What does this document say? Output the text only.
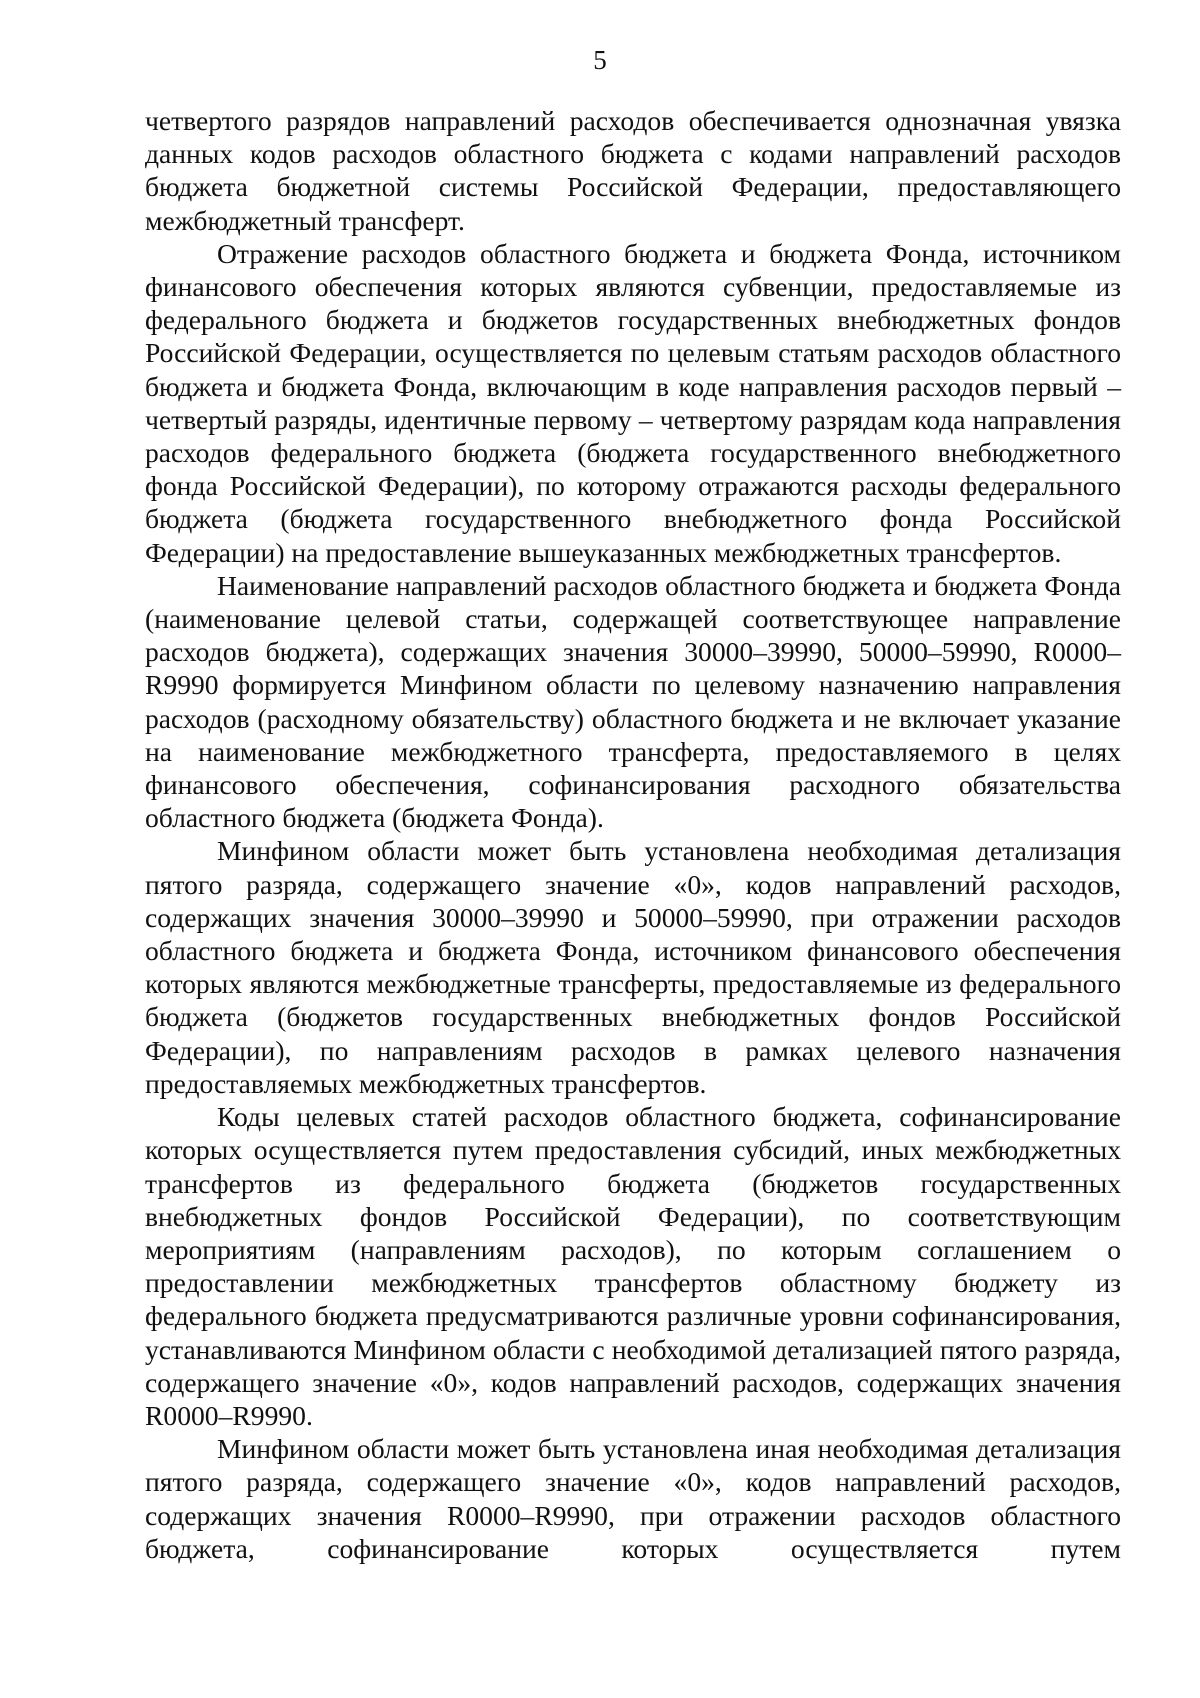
5

четвертого разрядов направлений расходов обеспечивается однозначная увязка данных кодов расходов областного бюджета с кодами направлений расходов бюджета бюджетной системы Российской Федерации, предоставляющего межбюджетный трансферт.

Отражение расходов областного бюджета и бюджета Фонда, источником финансового обеспечения которых являются субвенции, предоставляемые из федерального бюджета и бюджетов государственных внебюджетных фондов Российской Федерации, осуществляется по целевым статьям расходов областного бюджета и бюджета Фонда, включающим в коде направления расходов первый – четвертый разряды, идентичные первому – четвертому разрядам кода направления расходов федерального бюджета (бюджета государственного внебюджетного фонда Российской Федерации), по которому отражаются расходы федерального бюджета (бюджета государственного внебюджетного фонда Российской Федерации) на предоставление вышеуказанных межбюджетных трансфертов.

Наименование направлений расходов областного бюджета и бюджета Фонда (наименование целевой статьи, содержащей соответствующее направление расходов бюджета), содержащих значения 30000–39990, 50000–59990, R0000–R9990 формируется Минфином области по целевому назначению направления расходов (расходному обязательству) областного бюджета и не включает указание на наименование межбюджетного трансферта, предоставляемого в целях финансового обеспечения, софинансирования расходного обязательства областного бюджета (бюджета Фонда).

Минфином области может быть установлена необходимая детализация пятого разряда, содержащего значение «0», кодов направлений расходов, содержащих значения 30000–39990 и 50000–59990, при отражении расходов областного бюджета и бюджета Фонда, источником финансового обеспечения которых являются межбюджетные трансферты, предоставляемые из федерального бюджета (бюджетов государственных внебюджетных фондов Российской Федерации), по направлениям расходов в рамках целевого назначения предоставляемых межбюджетных трансфертов.

Коды целевых статей расходов областного бюджета, софинансирование которых осуществляется путем предоставления субсидий, иных межбюджетных трансфертов из федерального бюджета (бюджетов государственных внебюджетных фондов Российской Федерации), по соответствующим мероприятиям (направлениям расходов), по которым соглашением о предоставлении межбюджетных трансфертов областному бюджету из федерального бюджета предусматриваются различные уровни софинансирования, устанавливаются Минфином области с необходимой детализацией пятого разряда, содержащего значение «0», кодов направлений расходов, содержащих значения R0000–R9990.

Минфином области может быть установлена иная необходимая детализация пятого разряда, содержащего значение «0», кодов направлений расходов, содержащих значения R0000–R9990, при отражении расходов областного бюджета, софинансирование которых осуществляется путем
